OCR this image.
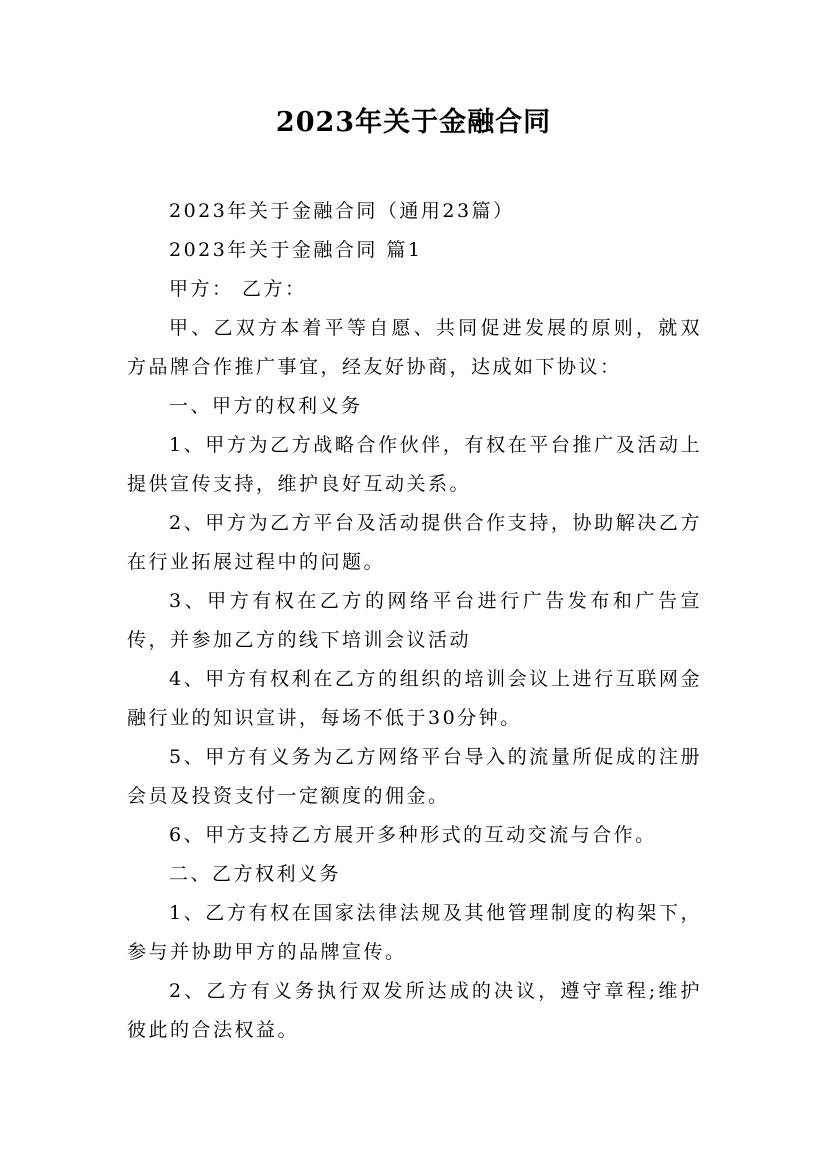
2023年关于金融合同

2023年关于金融合同（通用23篇）

2023年关于金融合同 篇1

甲方： 乙方：

甲、乙双方本着平等自愿、共同促进发展的原则，就双方品牌合作推广事宜，经友好协商，达成如下协议：

一、甲方的权利义务

1、甲方为乙方战略合作伙伴，有权在平台推广及活动上提供宣传支持，维护良好互动关系。

2、甲方为乙方平台及活动提供合作支持，协助解决乙方在行业拓展过程中的问题。

3、甲方有权在乙方的网络平台进行广告发布和广告宣传，并参加乙方的线下培训会议活动

4、甲方有权利在乙方的组织的培训会议上进行互联网金融行业的知识宣讲，每场不低于30分钟。

5、甲方有义务为乙方网络平台导入的流量所促成的注册会员及投资支付一定额度的佣金。

6、甲方支持乙方展开多种形式的互动交流与合作。

二、乙方权利义务

1、乙方有权在国家法律法规及其他管理制度的构架下，参与并协助甲方的品牌宣传。

2、乙方有义务执行双发所达成的决议，遵守章程;维护彼此的合法权益。
